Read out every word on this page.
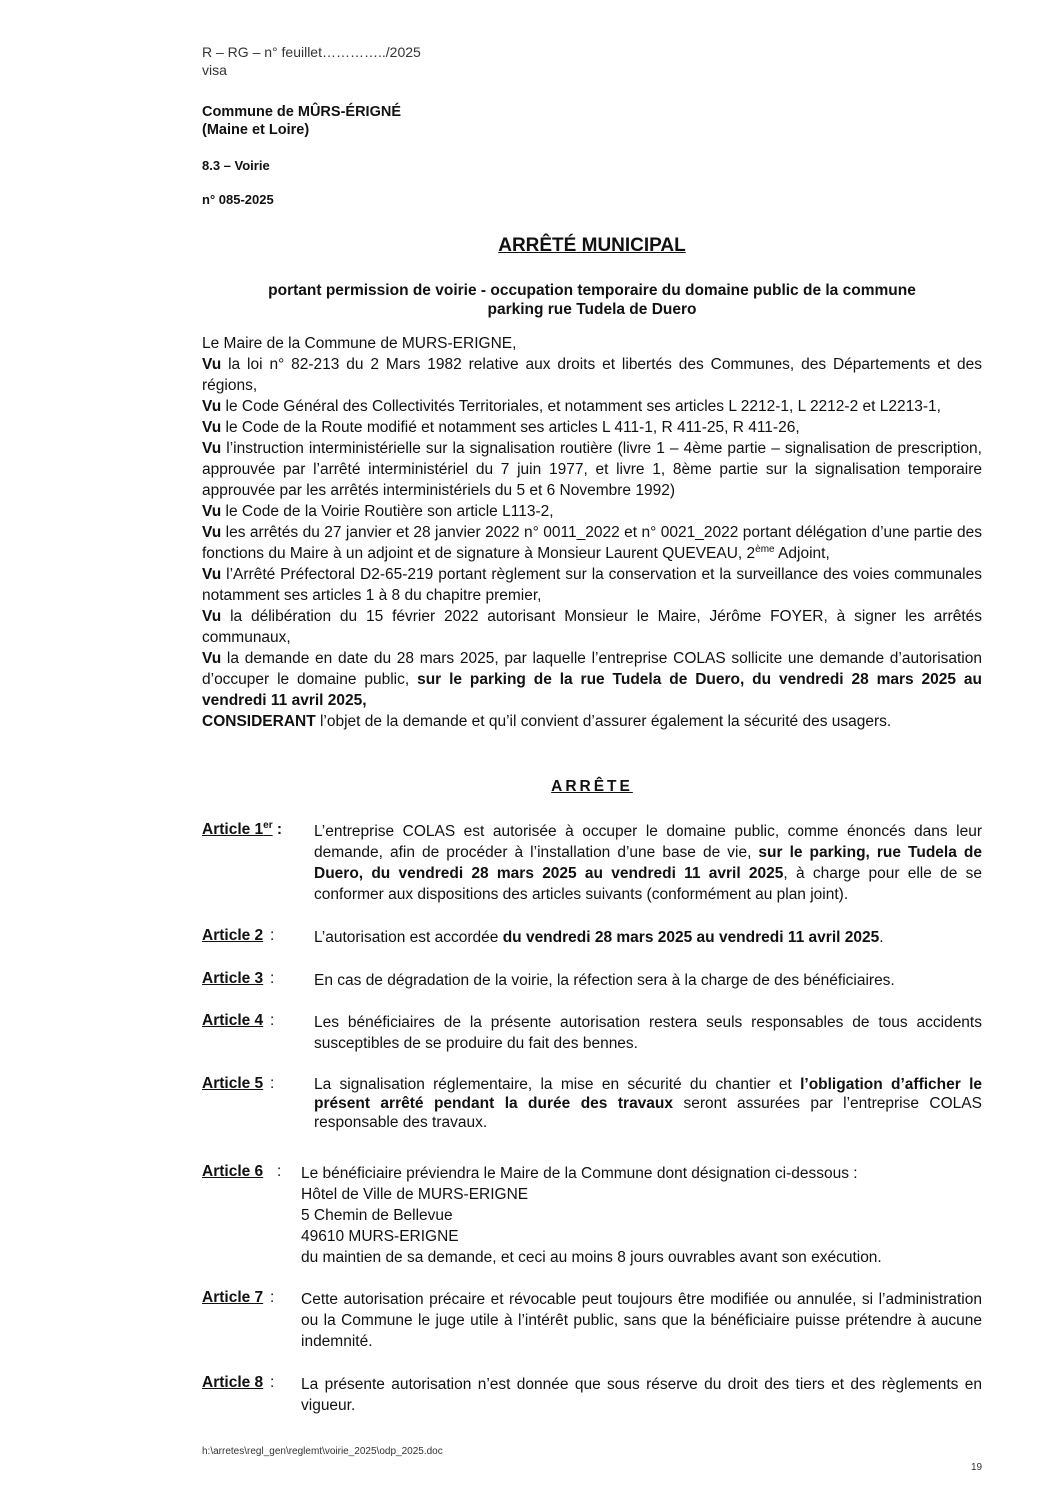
R – RG – n° feuillet…………../2025
visa
Commune de MÛRS-ÉRIGNÉ
(Maine et Loire)
8.3 – Voirie
n° 085-2025
ARRÊTÉ MUNICIPAL
portant permission de voirie - occupation temporaire du domaine public de la commune
parking rue Tudela de Duero
Le Maire de la Commune de MURS-ERIGNE,
Vu la loi n° 82-213 du 2 Mars 1982 relative aux droits et libertés des Communes, des Départements et des régions,
Vu le Code Général des Collectivités Territoriales, et notamment ses articles L 2212-1, L 2212-2 et L2213-1,
Vu le Code de la Route modifié et notamment ses articles L 411-1, R 411-25, R 411-26,
Vu l’instruction interministérielle sur la signalisation routière (livre 1 – 4ème partie – signalisation de prescription, approuvée par l’arrêté interministériel du 7 juin 1977, et livre 1, 8ème partie sur la signalisation temporaire approuvée par les arrêtés interministériels du 5 et 6 Novembre 1992)
Vu le Code de la Voirie Routière son article L113-2,
Vu les arrêtés du 27 janvier et 28 janvier 2022 n° 0011_2022 et n° 0021_2022 portant délégation d’une partie des fonctions du Maire à un adjoint et de signature à Monsieur Laurent QUEVEAU, 2ème Adjoint,
Vu l’Arrêté Préfectoral D2-65-219 portant règlement sur la conservation et la surveillance des voies communales notamment ses articles 1 à 8 du chapitre premier,
Vu la délibération du 15 février 2022 autorisant Monsieur le Maire, Jérôme FOYER, à signer les arrêtés communaux,
Vu la demande en date du 28 mars 2025, par laquelle l’entreprise COLAS sollicite une demande d’autorisation d’occuper le domaine public, sur le parking de la rue Tudela de Duero, du vendredi 28 mars 2025 au vendredi 11 avril 2025,
CONSIDERANT l’objet de la demande et qu’il convient d’assurer également la sécurité des usagers.
ARRÊTE
Article 1er : L’entreprise COLAS est autorisée à occuper le domaine public, comme énoncés dans leur demande, afin de procéder à l’installation d’une base de vie, sur le parking, rue Tudela de Duero, du vendredi 28 mars 2025 au vendredi 11 avril 2025, à charge pour elle de se conformer aux dispositions des articles suivants (conformément au plan joint).
Article 2 :	L’autorisation est accordée du vendredi 28 mars 2025 au vendredi 11 avril 2025.
Article 3 :	En cas de dégradation de la voirie, la réfection sera à la charge de des bénéficiaires.
Article 4 :	Les bénéficiaires de la présente autorisation restera seuls responsables de tous accidents susceptibles de se produire du fait des bennes.
Article 5 :	La signalisation réglementaire, la mise en sécurité du chantier et l’obligation d’afficher le présent arrêté pendant la durée des travaux seront assurées par l’entreprise COLAS responsable des travaux.
Article 6 : Le bénéficiaire préviendra le Maire de la Commune dont désignation ci-dessous :
Hôtel de Ville de MURS-ERIGNE
5 Chemin de Bellevue
49610 MURS-ERIGNE
du maintien de sa demande, et ceci au moins 8 jours ouvrables avant son exécution.
Article 7 : Cette autorisation précaire et révocable peut toujours être modifiée ou annulée, si l’administration ou la Commune le juge utile à l’intérêt public, sans que la bénéficiaire puisse prétendre à aucune indemnité.
Article 8 : La présente autorisation n’est donnée que sous réserve du droit des tiers et des règlements en vigueur.
h:\arretes\regl_gen\reglemt\voirie_2025\odp_2025.doc
19
